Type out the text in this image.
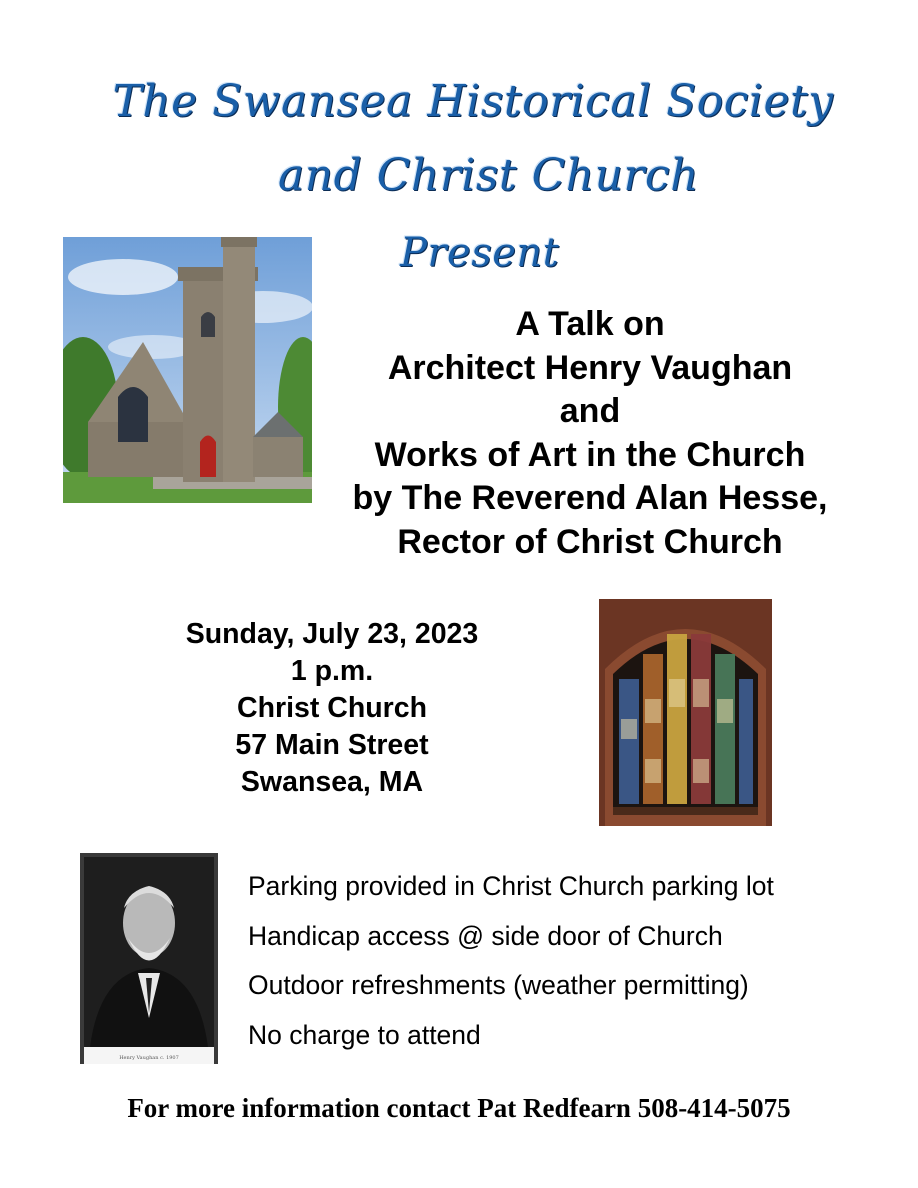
The Swansea Historical Society
and Christ Church
Present
A Talk on
Architect Henry Vaughan
and
Works of Art in the Church
by The Reverend Alan Hesse,
Rector of Christ Church
Sunday, July 23, 2023
1 p.m.
Christ Church
57 Main Street
Swansea, MA
Henry Vaughan c. 1907
Parking provided in Christ Church parking lot
Handicap access @ side door of Church
Outdoor refreshments (weather permitting)
No charge to attend
For more information contact Pat Redfearn 508-414-5075
